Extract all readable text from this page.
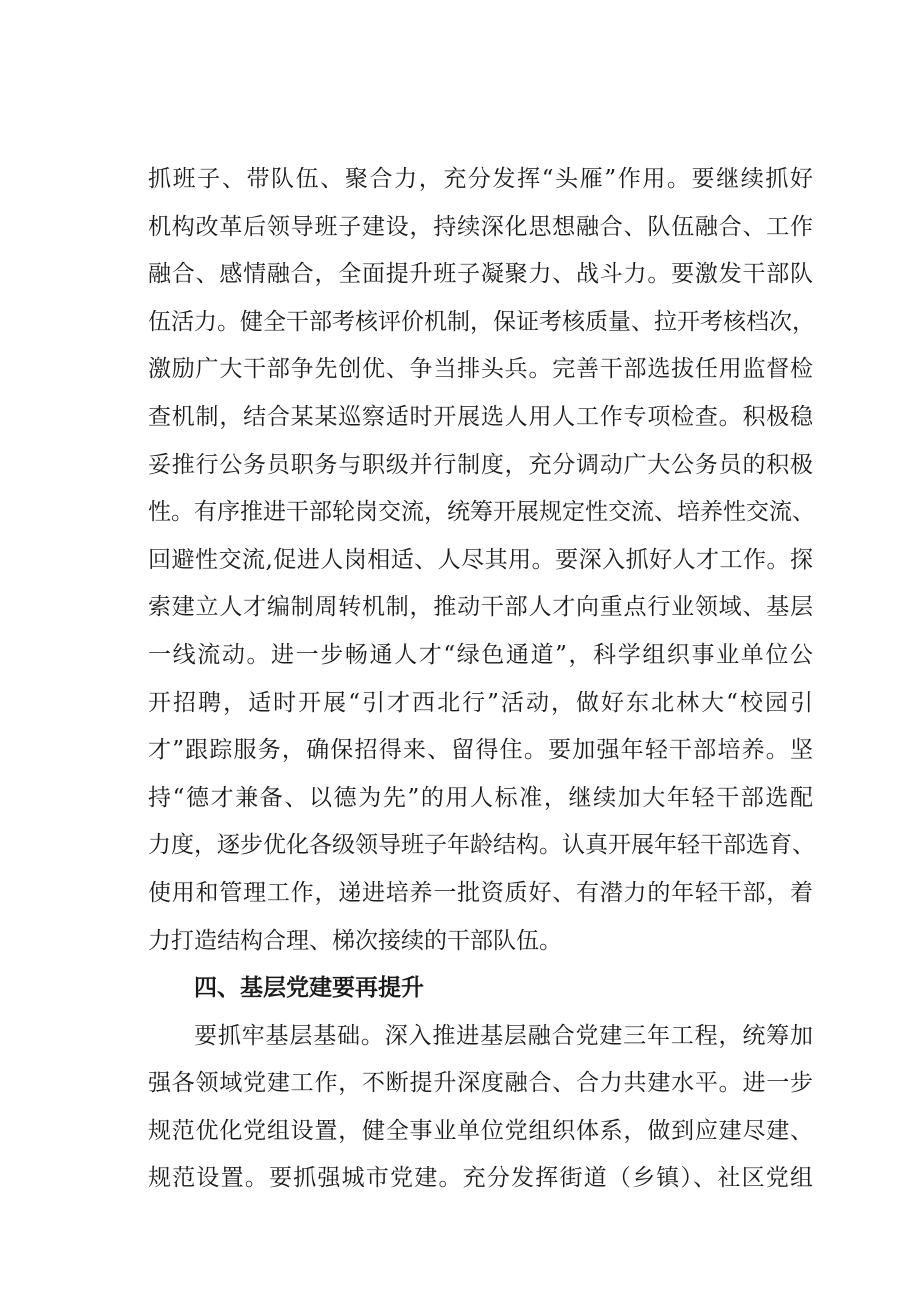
抓班子、带队伍、聚合力，充分发挥“头雁”作用。要继续抓好
机构改革后领导班子建设，持续深化思想融合、队伍融合、工作
融合、感情融合，全面提升班子凝聚力、战斗力。要激发干部队
伍活力。健全干部考核评价机制，保证考核质量、拉开考核档次，
激励广大干部争先创优、争当排头兵。完善干部选拔任用监督检
查机制，结合某某巡察适时开展选人用人工作专项检查。积极稳
妥推行公务员职务与职级并行制度，充分调动广大公务员的积极
性。有序推进干部轮岗交流，统筹开展规定性交流、培养性交流、
回避性交流,促进人岗相适、人尽其用。要深入抓好人才工作。探
索建立人才编制周转机制，推动干部人才向重点行业领域、基层
一线流动。进一步畅通人才“绿色通道”，科学组织事业单位公
开招聘，适时开展“引才西北行”活动，做好东北林大“校园引
才”跟踪服务，确保招得来、留得住。要加强年轻干部培养。坚
持“德才兼备、以德为先”的用人标准，继续加大年轻干部选配
力度，逐步优化各级领导班子年龄结构。认真开展年轻干部选育、
使用和管理工作，递进培养一批资质好、有潜力的年轻干部，着
力打造结构合理、梯次接续的干部队伍。
四、基层党建要再提升
要抓牢基层基础。深入推进基层融合党建三年工程，统筹加
强各领域党建工作，不断提升深度融合、合力共建水平。进一步
规范优化党组设置，健全事业单位党组织体系，做到应建尽建、
规范设置。要抓强城市党建。充分发挥街道（乡镇）、社区党组
